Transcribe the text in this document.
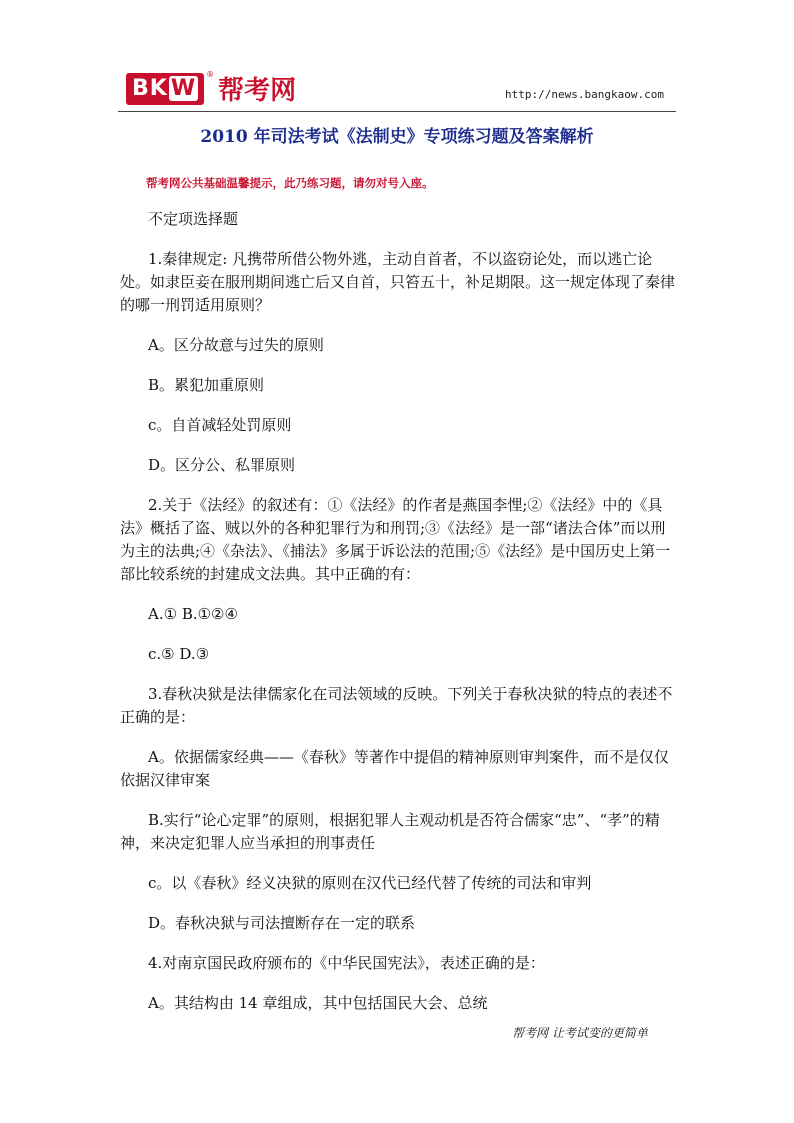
BK W
®
帮考网	http://news.bangkaow.com
2010 年司法考试《法制史》专项练习题及答案解析
帮考网公共基础温馨提示，此乃练习题，请勿对号入座。

不定项选择题

1.秦律规定: 凡携带所借公物外逃，主动自首者，不以盗窃论处，而以逃亡论处。如隶臣妾在服刑期间逃亡后又自首，只笞五十，补足期限。这一规定体现了秦律的哪一刑罚适用原则？

A。区分故意与过失的原则

B。累犯加重原则

c。自首减轻处罚原则

D。区分公、私罪原则

2.关于《法经》的叙述有：①《法经》的作者是燕国李悝;②《法经》中的《具法》概括了盗、贼以外的各种犯罪行为和刑罚;③《法经》是一部“诸法合体”而以刑为主的法典;④《杂法》、《捕法》多属于诉讼法的范围;⑤《法经》是中国历史上第一部比较系统的封建成文法典。其中正确的有：

A.① B.①②④

c.⑤ D.③

3.春秋决狱是法律儒家化在司法领域的反映。下列关于春秋决狱的特点的表述不正确的是：

A。依据儒家经典——《春秋》等著作中提倡的精神原则审判案件，而不是仅仅依据汉律审案

B.实行“论心定罪”的原则，根据犯罪人主观动机是否符合儒家“忠”、“孝”的精神，来决定犯罪人应当承担的刑事责任

c。以《春秋》经义决狱的原则在汉代已经代替了传统的司法和审判

D。春秋决狱与司法擅断存在一定的联系

4.对南京国民政府颁布的《中华民国宪法》，表述正确的是：

A。其结构由 14 章组成，其中包括国民大会、总统

帮考网 让考试变的更简单
